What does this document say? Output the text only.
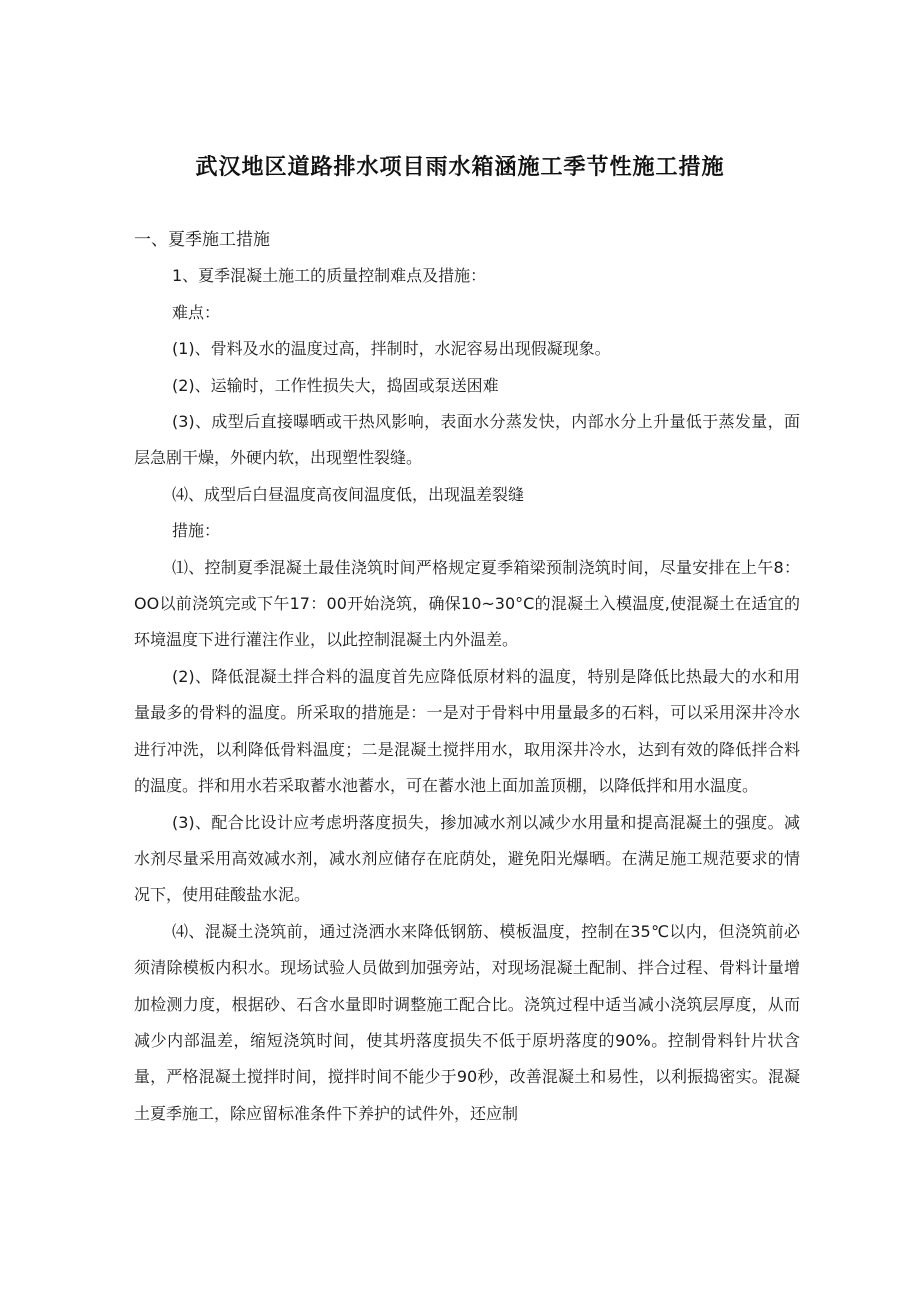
武汉地区道路排水项目雨水箱涵施工季节性施工措施

一、夏季施工措施

1、夏季混凝土施工的质量控制难点及措施：

难点：

(1)、骨料及水的温度过高，拌制时，水泥容易出现假凝现象。

(2)、运输时，工作性损失大，捣固或泵送困难

(3)、成型后直接曝晒或干热风影响，表面水分蒸发快，内部水分上升量低于蒸发量，面层急剧干燥，外硬内软，出现塑性裂缝。

⑷、成型后白昼温度高夜间温度低，出现温差裂缝

措施：

⑴、控制夏季混凝土最佳浇筑时间严格规定夏季箱梁预制浇筑时间，尽量安排在上午8：OO以前浇筑完或下午17：00开始浇筑，确保10~30°C的混凝土入模温度,使混凝土在适宜的环境温度下进行灌注作业，以此控制混凝土内外温差。

(2)、降低混凝土拌合料的温度首先应降低原材料的温度，特别是降低比热最大的水和用量最多的骨料的温度。所采取的措施是：一是对于骨料中用量最多的石料，可以采用深井冷水进行冲洗，以利降低骨料温度；二是混凝土搅拌用水，取用深井冷水，达到有效的降低拌合料的温度。拌和用水若采取蓄水池蓄水，可在蓄水池上面加盖顶棚，以降低拌和用水温度。

(3)、配合比设计应考虑坍落度损失，掺加减水剂以减少水用量和提高混凝土的强度。减水剂尽量采用高效减水剂，减水剂应储存在庇荫处，避免阳光爆晒。在满足施工规范要求的情况下，使用硅酸盐水泥。

⑷、混凝土浇筑前，通过浇洒水来降低钢筋、模板温度，控制在35℃以内，但浇筑前必须清除模板内积水。现场试验人员做到加强旁站，对现场混凝土配制、拌合过程、骨料计量增加检测力度，根据砂、石含水量即时调整施工配合比。浇筑过程中适当减小浇筑层厚度，从而减少内部温差，缩短浇筑时间，使其坍落度损失不低于原坍落度的90%。控制骨料针片状含量，严格混凝土搅拌时间，搅拌时间不能少于90秒，改善混凝土和易性，以利振捣密实。混凝土夏季施工，除应留标准条件下养护的试件外，还应制
